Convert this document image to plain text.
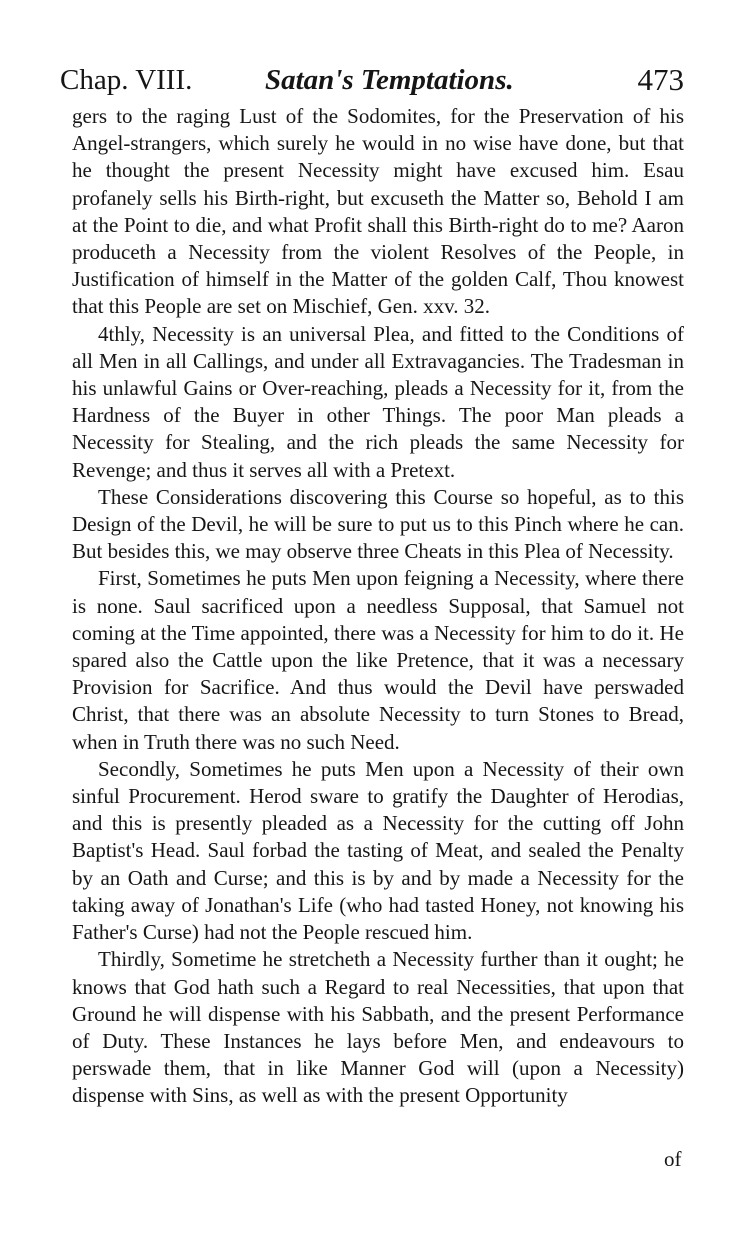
Chap. VIII.	Satan's Temptations.	473

gers to the raging Lust of the Sodomites, for the Preservation of his Angel-strangers, which surely he would in no wise have done, but that he thought the present Necessity might have excused him. Esau profanely sells his Birth-right, but excuseth the Matter so, Behold I am at the Point to die, and what Profit shall this Birth-right do to me? Aaron produceth a Necessity from the violent Resolves of the People, in Justification of himself in the Matter of the golden Calf, Thou knowest that this People are set on Mischief, Gen. xxv. 32.

4thly, Necessity is an universal Plea, and fitted to the Conditions of all Men in all Callings, and under all Extravagancies. The Tradesman in his unlawful Gains or Over-reaching, pleads a Necessity for it, from the Hardness of the Buyer in other Things. The poor Man pleads a Necessity for Stealing, and the rich pleads the same Necessity for Revenge; and thus it serves all with a Pretext.

These Considerations discovering this Course so hopeful, as to this Design of the Devil, he will be sure to put us to this Pinch where he can. But besides this, we may observe three Cheats in this Plea of Necessity.

First, Sometimes he puts Men upon feigning a Necessity, where there is none. Saul sacrificed upon a needless Supposal, that Samuel not coming at the Time appointed, there was a Necessity for him to do it. He spared also the Cattle upon the like Pretence, that it was a necessary Provision for Sacrifice. And thus would the Devil have perswaded Christ, that there was an absolute Necessity to turn Stones to Bread, when in Truth there was no such Need.

Secondly, Sometimes he puts Men upon a Necessity of their own sinful Procurement. Herod sware to gratify the Daughter of Herodias, and this is presently pleaded as a Necessity for the cutting off John Baptist's Head. Saul forbad the tasting of Meat, and sealed the Penalty by an Oath and Curse; and this is by and by made a Necessity for the taking away of Jonathan's Life (who had tasted Honey, not knowing his Father's Curse) had not the People rescued him.

Thirdly, Sometime he stretcheth a Necessity further than it ought; he knows that God hath such a Regard to real Necessities, that upon that Ground he will dispense with his Sabbath, and the present Performance of Duty. These Instances he lays before Men, and endeavours to perswade them, that in like Manner God will (upon a Necessity) dispense with Sins, as well as with the present Opportunity

of
